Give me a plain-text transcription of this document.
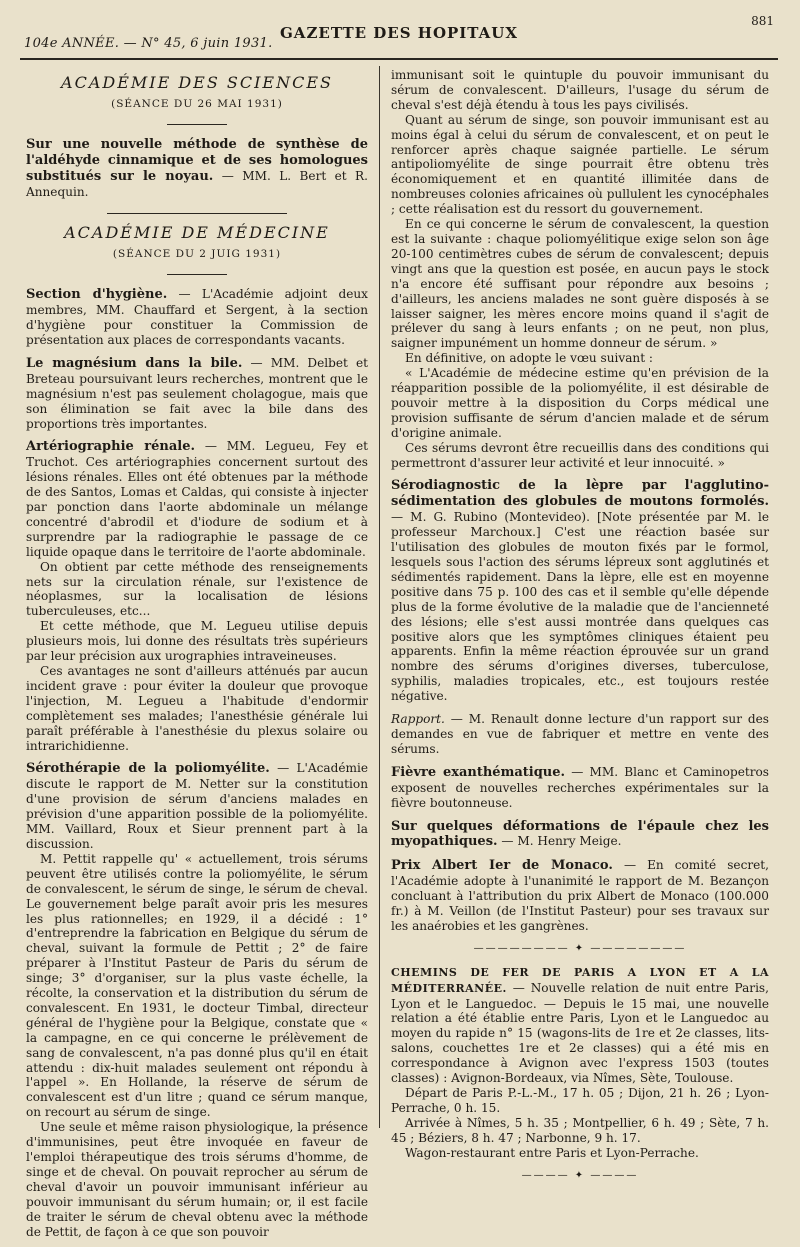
881
104e ANNÉE. — N° 45, 6 juin 1931.
GAZETTE DES HOPITAUX
ACADÉMIE DES SCIENCES
(SÉANCE DU 26 MAI 1931)
Sur une nouvelle méthode de synthèse de l'aldéhyde cinnamique et de ses homologues substitués sur le noyau. — MM. L. Bert et R. Annequin.
ACADÉMIE DE MÉDECINE
(SÉANCE DU 2 JUIG 1931)
Section d'hygiène. — L'Académie adjoint deux membres, MM. Chauffard et Sergent, à la section d'hygiène pour constituer la Commission de présentation aux places de correspondants vacants.
Le magnésium dans la bile. — MM. Delbet et Breteau poursuivant leurs recherches, montrent que le magnésium n'est pas seulement cholagogue, mais que son élimination se fait avec la bile dans des proportions très importantes.

Artériographie rénale. — MM. Legueu, Fey et Truchot. Ces artériographies concernent surtout des lésions rénales. Elles ont été obtenues par la méthode de des Santos, Lomas et Caldas, qui consiste à injecter par ponction dans l'aorte abdominale un mélange concentré d'abrodil et d'iodure de sodium et à surprendre par la radiographie le passage de ce liquide opaque dans le territoire de l'aorte abdominale.

On obtient par cette méthode des renseignements nets sur la circulation rénale, sur l'existence de néoplasmes, sur la localisation de lésions tuberculeuses, etc...

Et cette méthode, que M. Legueu utilise depuis plusieurs mois, lui donne des résultats très supérieurs par leur précision aux urographies intraveineuses.

Ces avantages ne sont d'ailleurs atténués par aucun incident grave : pour éviter la douleur que provoque l'injection, M. Legueu a l'habitude d'endormir complètement ses malades; l'anesthésie générale lui paraît préférable à l'anesthésie du plexus solaire ou intrarichidienne.

Sérothérapie de la poliomyélite. — L'Académie discute le rapport de M. Netter sur la constitution d'une provision de sérum d'anciens malades en prévision d'une apparition possible de la poliomyélite. MM. Vaillard, Roux et Sieur prennent part à la discussion.

M. Pettit rappelle qu' « actuellement, trois sérums peuvent être utilisés contre la poliomyélite, le sérum de convalescent, le sérum de singe, le sérum de cheval. Le gouvernement belge paraît avoir pris les mesures les plus rationnelles; en 1929, il a décidé : 1° d'entreprendre la fabrication en Belgique du sérum de cheval, suivant la formule de Pettit ; 2° de faire préparer à l'Institut Pasteur de Paris du sérum de singe; 3° d'organiser, sur la plus vaste échelle, la récolte, la conservation et la distribution du sérum de convalescent. En 1931, le docteur Timbal, directeur général de l'hygiène pour la Belgique, constate que « la campagne, en ce qui concerne le prélèvement de sang de convalescent, n'a pas donné plus qu'il en était attendu : dix-huit malades seulement ont répondu à l'appel ». En Hollande, la réserve de sérum de convalescent est d'un litre ; quand ce sérum manque, on recourt au sérum de singe.

Une seule et même raison physiologique, la présence d'immunisines, peut être invoquée en faveur de l'emploi thérapeutique des trois sérums d'homme, de singe et de cheval. On pouvait reprocher au sérum de cheval d'avoir un pouvoir immunisant inférieur au pouvoir immunisant du sérum humain; or, il est facile de traiter le sérum de cheval obtenu avec la méthode de Pettit, de façon à ce que son pouvoir

immunisant soit le quintuple du pouvoir immunisant du sérum de convalescent. D'ailleurs, l'usage du sérum de cheval s'est déjà étendu à tous les pays civilisés.

Quant au sérum de singe, son pouvoir immunisant est au moins égal à celui du sérum de convalescent, et on peut le renforcer après chaque saignée partielle. Le sérum antipoliomyélite de singe pourrait être obtenu très économiquement et en quantité illimitée dans de nombreuses colonies africaines où pullulent les cynocéphales ; cette réalisation est du ressort du gouvernement.

En ce qui concerne le sérum de convalescent, la question est la suivante : chaque poliomyélitique exige selon son âge 20-100 centimètres cubes de sérum de convalescent; depuis vingt ans que la question est posée, en aucun pays le stock n'a encore été suffisant pour répondre aux besoins ; d'ailleurs, les anciens malades ne sont guère disposés à se laisser saigner, les mères encore moins quand il s'agit de prélever du sang à leurs enfants ; on ne peut, non plus, saigner impunément un homme donneur de sérum. »

En définitive, on adopte le vœu suivant :

« L'Académie de médecine estime qu'en prévision de la réapparition possible de la poliomyélite, il est désirable de pouvoir mettre à la disposition du Corps médical une provision suffisante de sérum d'ancien malade et de sérum d'origine animale.

Ces sérums devront être recueillis dans des conditions qui permettront d'assurer leur activité et leur innocuité. »

Sérodiagnostic de la lèpre par l'agglutino-sédimentation des globules de moutons formolés. — M. G. Rubino (Montevideo). [Note présentée par M. le professeur Marchoux.] C'est une réaction basée sur l'utilisation des globules de mouton fixés par le formol, lesquels sous l'action des sérums lépreux sont agglutinés et sédimentés rapidement. Dans la lèpre, elle est en moyenne positive dans 75 p. 100 des cas et il semble qu'elle dépende plus de la forme évolutive de la maladie que de l'ancienneté des lésions; elle s'est aussi montrée dans quelques cas positive alors que les symptômes cliniques étaient peu apparents. Enfin la même réaction éprouvée sur un grand nombre des sérums d'origines diverses, tuberculose, syphilis, maladies tropicales, etc., est toujours restée négative.
Rapport. — M. Renault donne lecture d'un rapport sur des demandes en vue de fabriquer et mettre en vente des sérums.
Fièvre exanthématique. — MM. Blanc et Caminopetros exposent de nouvelles recherches expérimentales sur la fièvre boutonneuse.
Sur quelques déformations de l'épaule chez les myopathiques. — M. Henry Meige.
Prix Albert Ier de Monaco. — En comité secret, l'Académie adopte à l'unanimité le rapport de M. Bezançon concluant à l'attribution du prix Albert de Monaco (100.000 fr.) à M. Veillon (de l'Institut Pasteur) pour ses travaux sur les anaérobies et les gangrènes.
———————— ✦ ————————

CHEMINS DE FER DE PARIS A LYON ET A LA MÉDITERRANÉE. — Nouvelle relation de nuit entre Paris, Lyon et le Languedoc. — Depuis le 15 mai, une nouvelle relation a été établie entre Paris, Lyon et le Languedoc au moyen du rapide n° 15 (wagons-lits de 1re et 2e classes, lits-salons, couchettes 1re et 2e classes) qui a été mis en correspondance à Avignon avec l'express 1503 (toutes classes) : Avignon-Bordeaux, via Nîmes, Sète, Toulouse.

Départ de Paris P.-L.-M., 17 h. 05 ; Dijon, 21 h. 26 ; Lyon-Perrache, 0 h. 15.

Arrivée à Nîmes, 5 h. 35 ; Montpellier, 6 h. 49 ; Sète, 7 h. 45 ; Béziers, 8 h. 47 ; Narbonne, 9 h. 17.

Wagon-restaurant entre Paris et Lyon-Perrache.

———— ✦ ————
